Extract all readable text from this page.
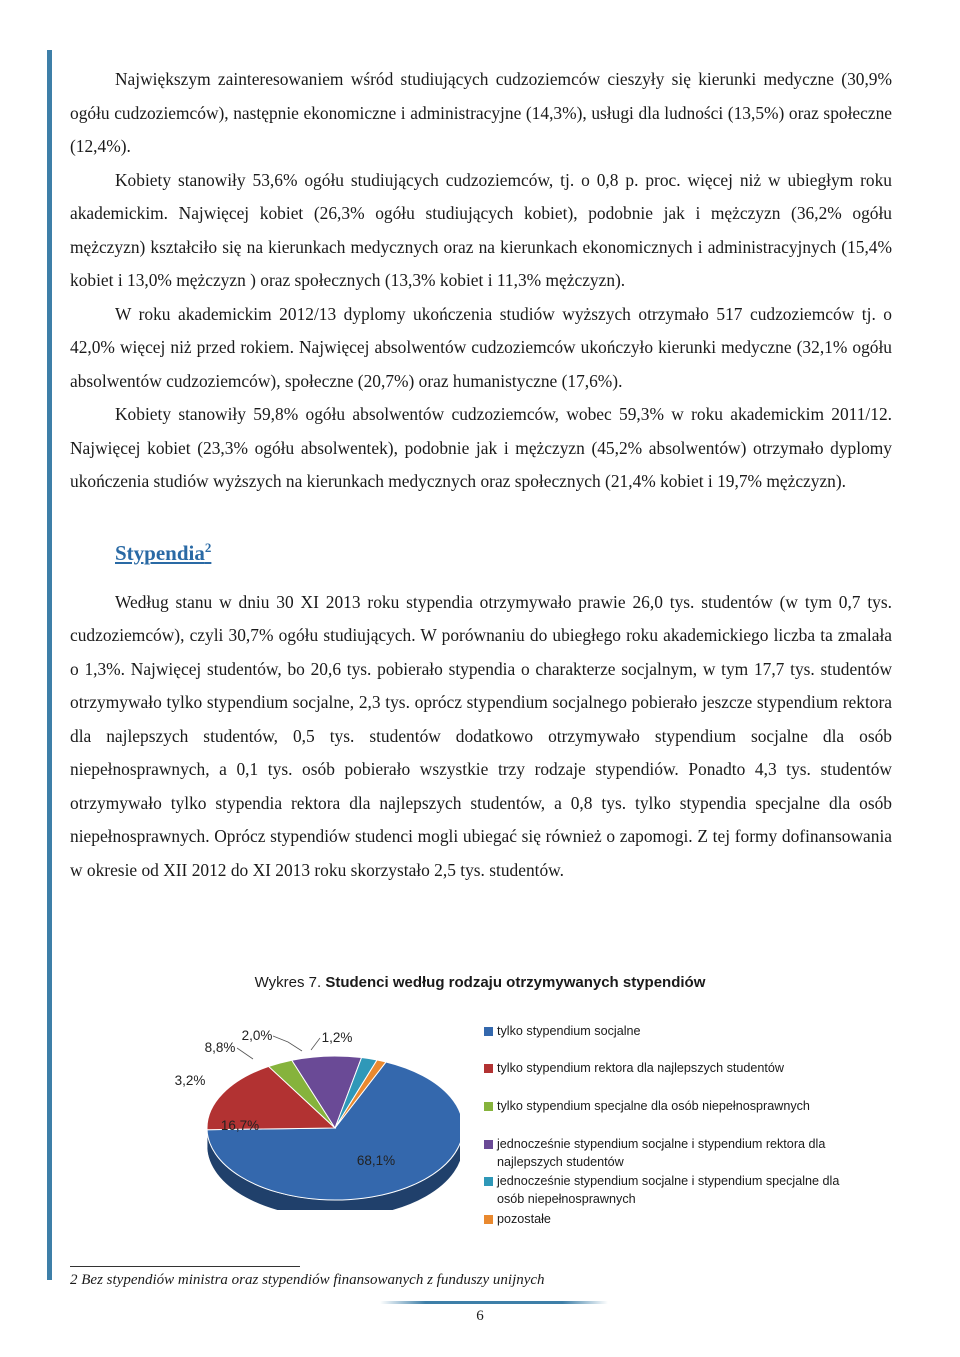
Największym zainteresowaniem wśród studiujących cudzoziemców cieszyły się kierunki medyczne (30,9% ogółu cudzoziemców), następnie ekonomiczne i administracyjne (14,3%), usługi dla ludności (13,5%) oraz społeczne (12,4%).

Kobiety stanowiły 53,6% ogółu studiujących cudzoziemców, tj. o 0,8 p. proc. więcej niż w ubiegłym roku akademickim. Najwięcej kobiet (26,3% ogółu studiujących kobiet), podobnie jak i mężczyzn (36,2% ogółu mężczyzn) kształciło się na kierunkach medycznych oraz na kierunkach ekonomicznych i administracyjnych (15,4% kobiet i 13,0% mężczyzn ) oraz społecznych (13,3% kobiet i 11,3% mężczyzn).

W roku akademickim 2012/13 dyplomy ukończenia studiów wyższych otrzymało 517 cudzoziemców tj. o 42,0% więcej niż przed rokiem. Najwięcej absolwentów cudzoziemców ukończyło kierunki medyczne (32,1% ogółu absolwentów cudzoziemców), społeczne (20,7%) oraz humanistyczne (17,6%).

Kobiety stanowiły 59,8% ogółu absolwentów cudzoziemców, wobec 59,3% w roku akademickim 2011/12. Najwięcej kobiet (23,3% ogółu absolwentek), podobnie jak i mężczyzn (45,2% absolwentów) otrzymało dyplomy ukończenia studiów wyższych na kierunkach medycznych oraz społecznych (21,4% kobiet i 19,7% mężczyzn).

Stypendia$^2$

Według stanu w dniu 30 XI 2013 roku stypendia otrzymywało prawie 26,0 tys. studentów (w tym 0,7 tys. cudzoziemców), czyli 30,7% ogółu studiujących. W porównaniu do ubiegłego roku akademickiego liczba ta zmalała o 1,3%. Najwięcej studentów, bo 20,6 tys. pobierało stypendia o charakterze socjalnym, w tym 17,7 tys. studentów otrzymywało tylko stypendium socjalne, 2,3 tys. oprócz stypendium socjalnego pobierało jeszcze stypendium rektora dla najlepszych studentów, 0,5 tys. studentów dodatkowo otrzymywało stypendium socjalne dla osób niepełnosprawnych, a 0,1 tys. osób pobierało wszystkie trzy rodzaje stypendiów. Ponadto 4,3 tys. studentów otrzymywało tylko stypendia rektora dla najlepszych studentów, a 0,8 tys. tylko stypendia specjalne dla osób niepełnosprawnych. Oprócz stypendiów studenci mogli ubiegać się również o zapomogi. Z tej formy dofinansowania w okresie od XII 2012 do XI 2013 roku skorzystało 2,5 tys. studentów.

Wykres 7. Studenci według rodzaju otrzymywanych stypendiów
68,1%
16,7%
3,2%
8,8%
2,0%	1,2%	tylko stypendium socjalne
tylko stypendium rektora dla najlepszych studentów
tylko stypendium specjalne dla osób niepełnosprawnych
jednocześnie stypendium socjalne i stypendium rektora dla najlepszych studentów
jednocześnie stypendium socjalne i stypendium specjalne dla osób niepełnosprawnych
pozostałe
2 Bez stypendiów ministra oraz stypendiów finansowanych z funduszy unijnych
6
